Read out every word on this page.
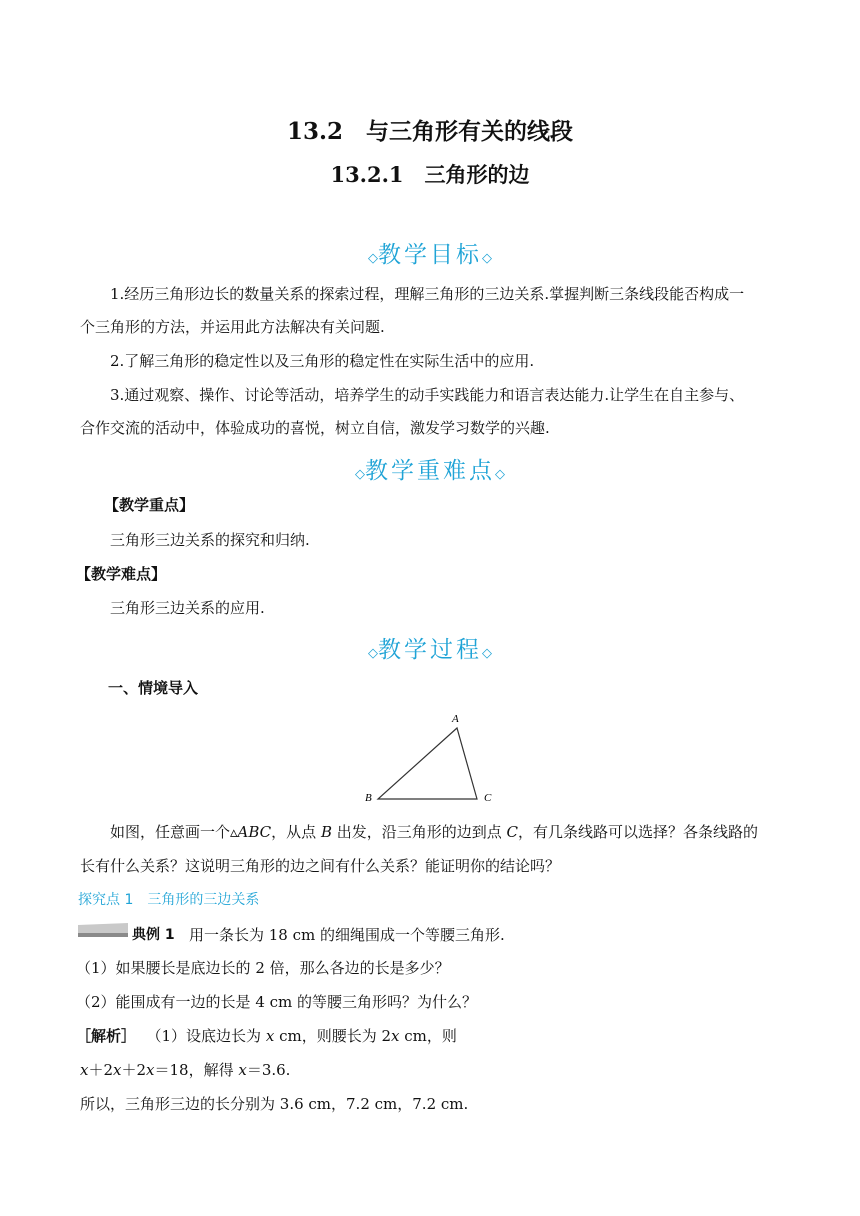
13.2　与三角形有关的线段
13.2.1　三角形的边
◇教学目标◇
1.经历三角形边长的数量关系的探索过程，理解三角形的三边关系.掌握判断三条线段能否构成一
个三角形的方法，并运用此方法解决有关问题.
2.了解三角形的稳定性以及三角形的稳定性在实际生活中的应用.
3.通过观察、操作、讨论等活动，培养学生的动手实践能力和语言表达能力.让学生在自主参与、
合作交流的活动中，体验成功的喜悦，树立自信，激发学习数学的兴趣.
◇教学重难点◇
【教学重点】
三角形三边关系的探究和归纳.
【教学难点】
三角形三边关系的应用.
◇教学过程◇
一、情境导入
A
B	C
如图，任意画一个▵ABC，从点 B 出发，沿三角形的边到点 C，有几条线路可以选择？各条线路的
长有什么关系？这说明三角形的边之间有什么关系？能证明你的结论吗？
探究点 1　三角形的三边关系
典例 1 用一条长为 18 cm 的细绳围成一个等腰三角形.
（1）如果腰长是底边长的 2 倍，那么各边的长是多少？
（2）能围成有一边的长是 4 cm 的等腰三角形吗？为什么？
［解析］ （1）设底边长为 x cm，则腰长为 2x cm，则
x＋2x＋2x＝18，解得 x＝3.6.
所以，三角形三边的长分别为 3.6 cm，7.2 cm，7.2 cm.
